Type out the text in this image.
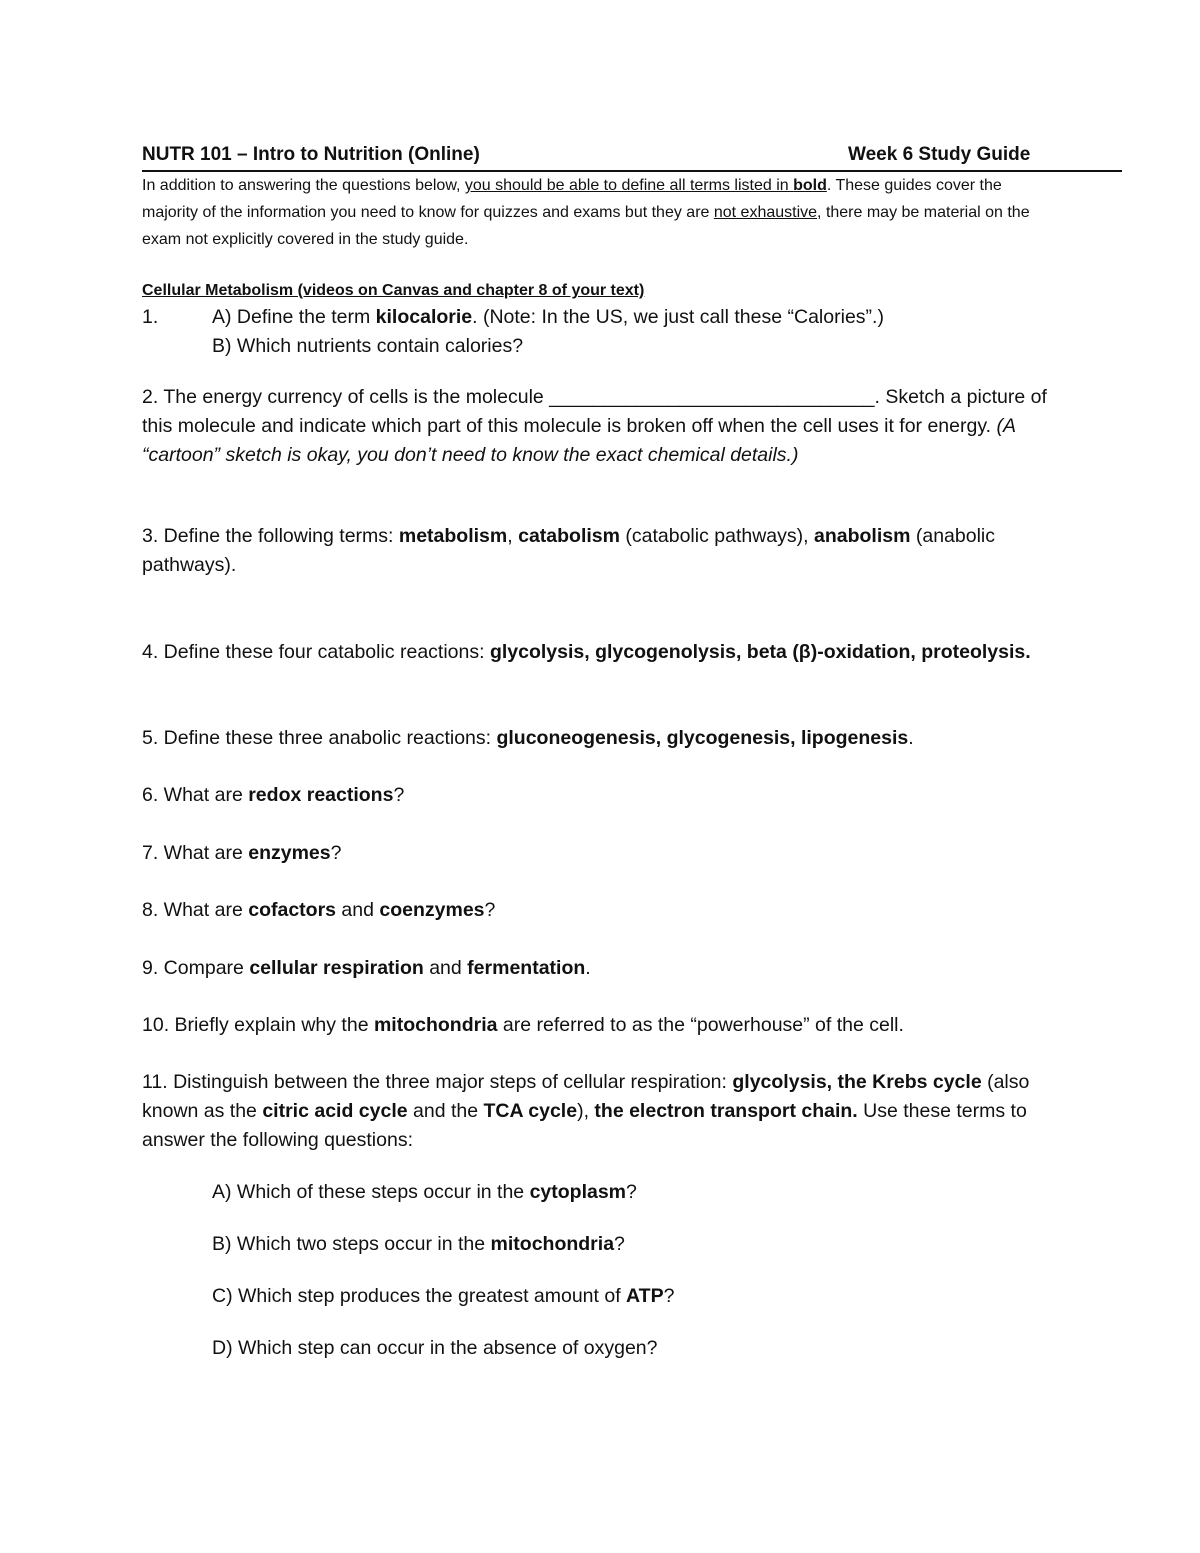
NUTR 101 – Intro to Nutrition (Online)	Week 6 Study Guide
In addition to answering the questions below, you should be able to define all terms listed in bold. These guides cover the majority of the information you need to know for quizzes and exams but they are not exhaustive, there may be material on the exam not explicitly covered in the study guide.
Cellular Metabolism (videos on Canvas and chapter 8 of your text)
1.	A) Define the term kilocalorie. (Note: In the US, we just call these “Calories”.)
B) Which nutrients contain calories?
2. The energy currency of cells is the molecule ______________________________. Sketch a picture of this molecule and indicate which part of this molecule is broken off when the cell uses it for energy. (A “cartoon” sketch is okay, you don’t need to know the exact chemical details.)
3. Define the following terms: metabolism, catabolism (catabolic pathways), anabolism (anabolic pathways).
4. Define these four catabolic reactions: glycolysis, glycogenolysis, beta (β)-oxidation, proteolysis.
5. Define these three anabolic reactions: gluconeogenesis, glycogenesis, lipogenesis.
6. What are redox reactions?
7. What are enzymes?
8. What are cofactors and coenzymes?
9. Compare cellular respiration and fermentation.
10. Briefly explain why the mitochondria are referred to as the “powerhouse” of the cell.
11. Distinguish between the three major steps of cellular respiration: glycolysis, the Krebs cycle (also known as the citric acid cycle and the TCA cycle), the electron transport chain. Use these terms to answer the following questions:
A) Which of these steps occur in the cytoplasm?
B) Which two steps occur in the mitochondria?
C) Which step produces the greatest amount of ATP?
D) Which step can occur in the absence of oxygen?
